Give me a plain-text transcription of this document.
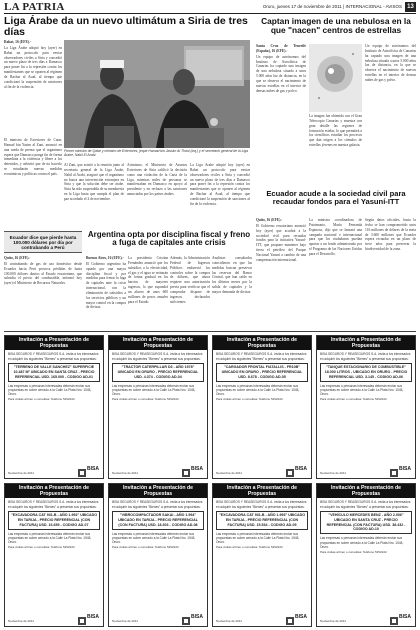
LA PATRIA	Oruro, jueves 17 de noviembre de 2011 | INTERNACIONAL - AVISOS 13
Liga Árabe da un nuevo ultimátum a Siria de tres días

Rabat, 16 (EFE).-

La Liga Árabe adoptó hoy (ayer) en Rabat un protocolo para enviar observadores civiles a Siria y concedió un nuevo plazo de tres días a Damasco para poner fin a la represión contra los manifestantes que se oponen al régimen de Bachar al Asad, al tiempo que condicionó la suspensión de sanciones al fin de la violencia.

Primer ministro de Qatar y ministro de Exteriores, jeque Hamad bin Jassim Al Thani (izq.) y el secretario general de la Liga Árabe, Nabil El Arabi.

El ministro de Exteriores de Catar, Hamad bin Yasim al Zani, anunció en una rueda de prensa que el organismo espera que Damasco ponga fin de forma inmediata a la violencia y libere a los detenidos, y advirtió que de no hacerlo se estudiarán nuevas medidas económicas y políticas contra el país.

Al Zani, que asistió a la reunión junto al secretario general de la Liga Árabe, Nabil al Arabi, aseguró que el organismo no busca una intervención extranjera en Siria y que la solución debe ser árabe. Siria ha sido suspendida de su membresía en la Liga hasta que cumpla el plan de paz acordado el 2 de noviembre.

Asimismo, el Ministerio de Asuntos Exteriores de Siria calificó la decisión como una violación de la Carta de la Liga, mientras miles de personas se manifestaban en Damasco en apoyo al presidente y en rechazo a las sanciones anunciadas por los países árabes.

La Liga Árabe adoptó hoy (ayer) en Rabat un protocolo para enviar observadores civiles a Siria y concedió un nuevo plazo de tres días a Damasco para poner fin a la represión contra los manifestantes que se oponen al régimen de Bachar al Asad, al tiempo que condicionó la suspensión de sanciones al fin de la violencia.

Captan imagen de una nebulosa en la que "nacen" centros de estrellas

Santa Cruz de Tenerife (España), 16 (EFE).-

Un equipo de astrónomos del Instituto de Astrofísica de Canarias ha captado una imagen de una nebulosa situada a unos 5.000 años luz de distancia, en la que se observa el nacimiento de nuevas estrellas en el interior de densas nubes de gas y polvo.

La imagen fue obtenida con el Gran Telescopio Canarias y muestra con gran detalle las regiones de formación estelar, lo que permitirá a los científicos estudiar los procesos que dan origen a los cúmulos de estrellas jóvenes en nuestra galaxia.

Un equipo de astrónomos del Instituto de Astrofísica de Canarias ha captado una imagen de una nebulosa situada a unos 5.000 años luz de distancia, en la que se observa el nacimiento de nuevas estrellas en el interior de densas nubes de gas y polvo.

Ecuador acude a la sociedad civil para recaudar fondos para el Yasuní-ITT

Quito, 16 (EFE).-

El Gobierno ecuatoriano anunció hoy (ayer) que acudirá a la sociedad civil para recaudar fondos para la iniciativa Yasuní-ITT, que propone mantener bajo tierra el petróleo del Parque Nacional Yasuní a cambio de una compensación internacional.

La ministra coordinadora de Patrimonio, María Fernanda Espinosa, dijo que se lanzará una campaña nacional e internacional para que los ciudadanos puedan aportar a un fondo administrado por el Programa de las Naciones Unidas para el Desarrollo.

Según datos oficiales, hasta la fecha se han comprometido unos 116 millones de dólares de la meta de 3.600 millones que Ecuador espera recaudar en un plazo de trece años para preservar la biodiversidad de la zona.

Ecuador dice que pierde hasta 100.000 dólares por día por contrabando a Perú

Quito, 16 (EFE).-

El contrabando de gas de uso doméstico desde Ecuador hacia Perú provoca pérdidas de hasta 100.000 dólares diarios al Estado ecuatoriano, que subsidia el precio del combustible, informó hoy (ayer) el Ministerio de Recursos Naturales.

Argentina opta por disciplina fiscal y freno a fuga de capitales ante crisis

Buenos Aires, 16 (EFE).-

El Gobierno argentino ha optado por una mayor disciplina fiscal y por medidas para frenar la fuga de capitales ante la crisis internacional, con la eliminación de subsidios a los servicios públicos y un mayor control en la compra de divisas.

La presidenta Cristina Fernández anunció que los subsidios a la electricidad, el gas y el agua se retirarán de forma gradual en los barrios de mayores ingresos, lo que supondrá un ahorro de unos 600 millones de pesos anuales para el Estado.

Además, la Administración Federal de Ingresos Públicos endureció los controles sobre la compra de dólares, que ahora requiere una autorización previa para verificar que el comprador dispone de ingresos declarados suficientes.

Analistas consultados coincidieron en que las medidas buscan preservar las reservas del Banco Central, que han caído en los últimos meses por la salida de capitales y la mayor demanda de divisas.

Invitación a Presentación de Propuestas
BISA SEGUROS Y REASEGUROS S.A. invita a los interesados en adquirir los siguientes "Bienes" a presentar sus propuestas:
"TERRENO DE VALLE SANCHEZ" SUPERFICIE 10.487 M² UBICADO EN SANTA CRUZ - PRECIO REFERENCIAL USD. 165.000 - CODIGO AD-01
Las empresas o personas interesadas deberán enviar sus propuestas en sobre cerrado a la Calle La Plata Nro. 1545, Oruro.
Para visitas al bien o consultas: Teléfono 5252222
Noviembre de 2011
BISA
Invitación a Presentación de Propuestas
BISA SEGUROS Y REASEGUROS S.A. invita a los interesados en adquirir los siguientes "Bienes" a presentar sus propuestas:
"TRACTOR CATERPILLAR D3 - AÑO 1978" UBICADO EN ORURO - PRECIO REFERENCIAL USD. 4.374 - CODIGO AD-04
Las empresas o personas interesadas deberán enviar sus propuestas en sobre cerrado a la Calle La Plata Nro. 1545, Oruro.
Para visitas al bien o consultas: Teléfono 5252222
Noviembre de 2011
BISA
Invitación a Presentación de Propuestas
BISA SEGUROS Y REASEGUROS S.A. invita a los interesados en adquirir los siguientes "Bienes" a presentar sus propuestas:
"CARGADOR FRONTAL FIATALLIS - FR10B" UBICADO EN ORURO - PRECIO REFERENCIAL USD. 8.678 - CODIGO AD-05
Las empresas o personas interesadas deberán enviar sus propuestas en sobre cerrado a la Calle La Plata Nro. 1545, Oruro.
Para visitas al bien o consultas: Teléfono 5252222
Noviembre de 2011
BISA
Invitación a Presentación de Propuestas
BISA SEGUROS Y REASEGUROS S.A. invita a los interesados en adquirir los siguientes "Bienes" a presentar sus propuestas:
"TANQUE ESTACIONARIO DE COMBUSTIBLE" 18.000 LITROS - UBICADO EN ORURO - PRECIO REFERENCIAL USD. 3.145 - CODIGO AD-06
Las empresas o personas interesadas deberán enviar sus propuestas en sobre cerrado a la Calle La Plata Nro. 1545, Oruro.
Para visitas al bien o consultas: Teléfono 5252222
Noviembre de 2011
BISA
Invitación a Presentación de Propuestas
BISA SEGUROS Y REASEGUROS S.A. invita a los interesados en adquirir los siguientes "Bienes" a presentar sus propuestas:
"EXCAVADORA CAT 931-B - AÑO 1.992" UBICADO EN TARIJA - PRECIO REFERENCIAL (CON FACTURA) USD. 16.659 - CODIGO AD-07
Las empresas o personas interesadas deberán enviar sus propuestas en sobre cerrado a la Calle La Plata Nro. 1545, Oruro.
Para visitas al bien o consultas: Teléfono 5252222
Noviembre de 2011
BISA
Invitación a Presentación de Propuestas
BISA SEGUROS Y REASEGUROS S.A. invita a los interesados en adquirir los siguientes "Bienes" a presentar sus propuestas:
"VIBROCOMPACTADOR SAKAI - AÑO 1.994" UBICADO EN TARIJA - PRECIO REFERENCIAL (CON FACTURA) USD. 18.303 - CODIGO AD-08
Las empresas o personas interesadas deberán enviar sus propuestas en sobre cerrado a la Calle La Plata Nro. 1545, Oruro.
Para visitas al bien o consultas: Teléfono 5252222
Noviembre de 2011
BISA
Invitación a Presentación de Propuestas
BISA SEGUROS Y REASEGUROS S.A. invita a los interesados en adquirir los siguientes "Bienes" a presentar sus propuestas:
"EXCAVADORA CAT 931-B - AÑO 1.993" UBICADO EN TARIJA - PRECIO REFERENCIAL (CON FACTURA) USD. 15.534 - CODIGO AD-09
Las empresas o personas interesadas deberán enviar sus propuestas en sobre cerrado a la Calle La Plata Nro. 1545, Oruro.
Para visitas al bien o consultas: Teléfono 5252222
Noviembre de 2011
BISA
Invitación a Presentación de Propuestas
BISA SEGUROS Y REASEGUROS S.A. invita a los interesados en adquirir los siguientes "Bienes" a presentar sus propuestas:
"VEHÍCULO MERCEDES BENZ - AÑO 2.006" UBICADO EN SANTA CRUZ - PRECIO REFERENCIAL (CON FACTURA) USD. 38.432 - CODIGO AD-10
Las empresas o personas interesadas deberán enviar sus propuestas en sobre cerrado a la Calle La Plata Nro. 1545, Oruro.
Para visitas al bien o consultas: Teléfono 5252222
Noviembre de 2011
BISA
